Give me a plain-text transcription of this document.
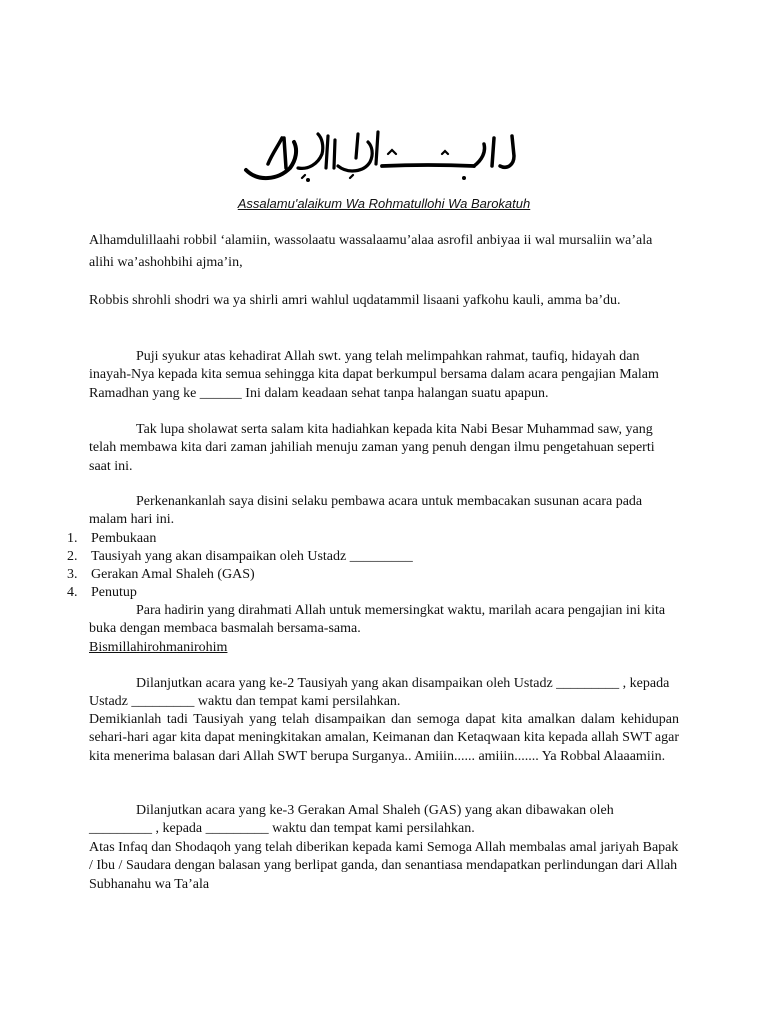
Assalamu'alaikum Wa Rohmatullohi Wa Barokatuh

Alhamdulillaahi robbil ‘alamiin, wassolaatu wassalaamu’alaa asrofil anbiyaa ii wal mursaliin wa’ala alihi wa’ashohbihi ajma’in,

Robbis shrohli shodri wa ya shirli amri wahlul uqdatammil lisaani yafkohu kauli, amma ba’du.

Puji syukur atas kehadirat Allah swt. yang telah melimpahkan rahmat, taufiq, hidayah dan inayah-Nya kepada kita semua sehingga kita dapat berkumpul bersama dalam acara pengajian Malam Ramadhan yang ke ______ Ini dalam keadaan sehat tanpa halangan suatu apapun.

Tak lupa sholawat serta salam kita hadiahkan kepada kita Nabi Besar Muhammad saw, yang telah membawa kita dari zaman jahiliah menuju zaman yang penuh dengan ilmu pengetahuan seperti saat ini.

Perkenankanlah saya disini selaku pembawa acara untuk membacakan susunan acara pada malam hari ini.

1. Pembukaan
2. Tausiyah yang akan disampaikan oleh Ustadz _________
3. Gerakan Amal Shaleh (GAS)
4. Penutup

Para hadirin yang dirahmati Allah untuk memersingkat waktu, marilah acara pengajian ini kita buka dengan membaca basmalah bersama-sama.

Bismillahirohmanirohim

Dilanjutkan acara yang ke-2 Tausiyah yang akan disampaikan oleh Ustadz _________ , kepada Ustadz _________ waktu dan tempat kami persilahkan.

Demikianlah tadi Tausiyah yang telah disampaikan dan semoga dapat kita amalkan dalam kehidupan sehari-hari agar kita dapat meningkitakan amalan, Keimanan dan Ketaqwaan kita kepada allah SWT agar kita menerima balasan dari Allah SWT berupa Surganya.. Amiiin...... amiiin....... Ya Robbal Alaaamiin.

Dilanjutkan acara yang ke-3 Gerakan Amal Shaleh (GAS) yang akan dibawakan oleh _________ , kepada _________ waktu dan tempat kami persilahkan.

Atas Infaq dan Shodaqoh yang telah diberikan kepada kami Semoga Allah membalas amal jariyah Bapak / Ibu / Saudara dengan balasan yang berlipat ganda, dan senantiasa mendapatkan perlindungan dari Allah Subhanahu wa Ta’ala
